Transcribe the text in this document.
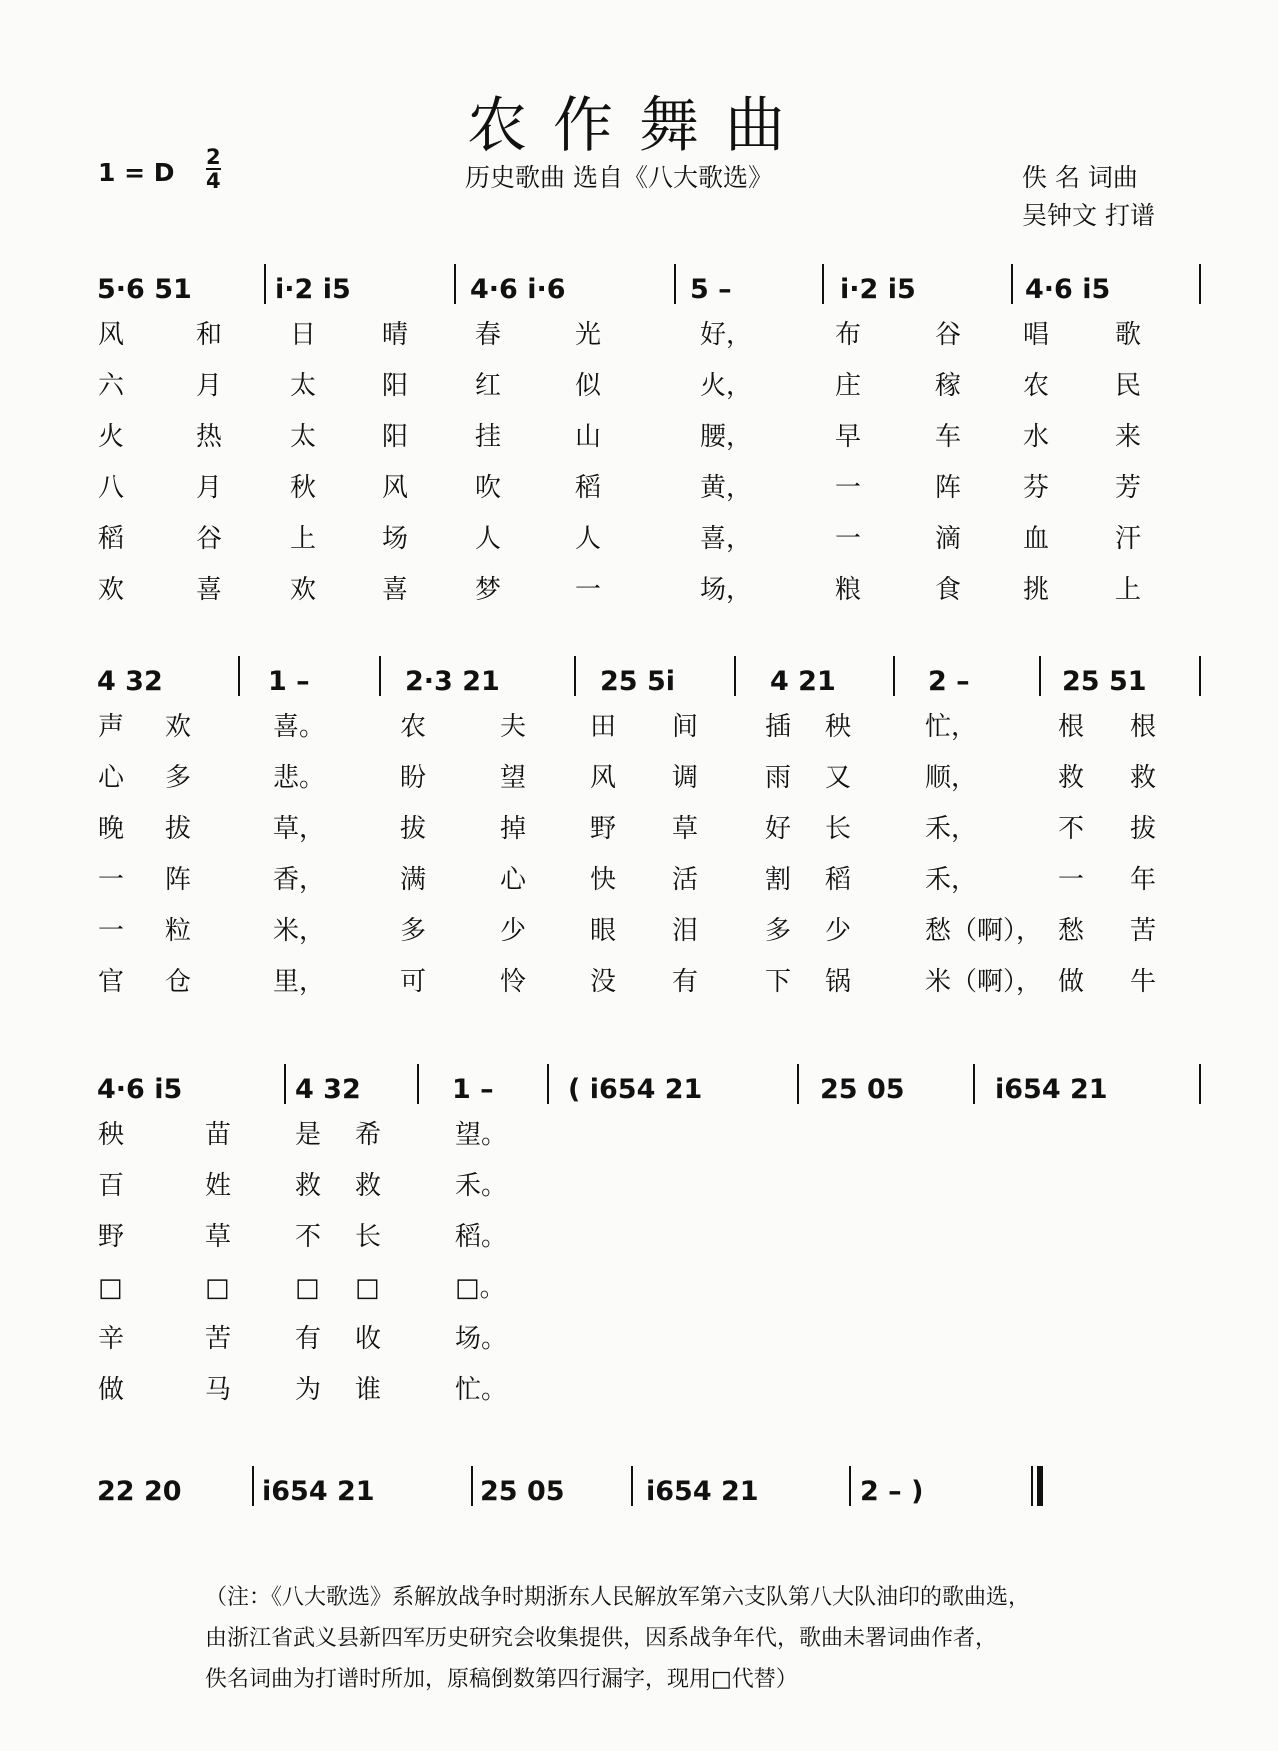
农作舞曲
1 = D
2
4	历史歌曲 选自《八大歌选》	佚 名 词曲
吴钟文 打谱
5·6 51	i·2 i5	4·6 i·6	5 –	i·2 i5	4·6 i5
风	和	日	晴	春	光	好，	布	谷 唱	歌
六	月	太	阳	红	似	火，	庄	稼 农	民
火	热	太	阳	挂	山	腰，	早	车 水	来
八	月	秋	风	吹	稻	黄，	一	阵 芬	芳
稻	谷	上	场	人	人	喜，	一	滴 血	汗
欢	喜	欢	喜	梦	一	场，	粮	食 挑	上
4 32	1 –	2·3 21	25 5i	4 21	2 –	25 51
声 欢	喜。	农	夫 田 间	插 秧	忙，	根 根
心 多	悲。	盼	望 风 调	雨 又	顺，	救 救
晚 拔	草，	拔	掉 野 草	好 长	禾，	不 拔
一 阵	香，	满	心 快 活	割 稻	禾，	一 年
一 粒	米，	多	少 眼 泪	多 少	愁（啊）， 愁 苦
官 仓	里，	可	怜 没 有	下 锅	米（啊）， 做 牛
4·6 i5	4 32	1 –	( i654 21	25 05	i654 21
秧	苗 是 希	望。
百	姓 救 救	禾。
野	草 不 长	稻。
□	□	□ □	□。
辛	苦 有 收	场。
做	马 为 谁	忙。
22 20	i654 21	25 05	i654 21	2 – )
（注：《八大歌选》系解放战争时期浙东人民解放军第六支队第八大队油印的歌曲选，
由浙江省武义县新四军历史研究会收集提供，因系战争年代，歌曲未署词曲作者，
佚名词曲为打谱时所加，原稿倒数第四行漏字，现用□代替）
